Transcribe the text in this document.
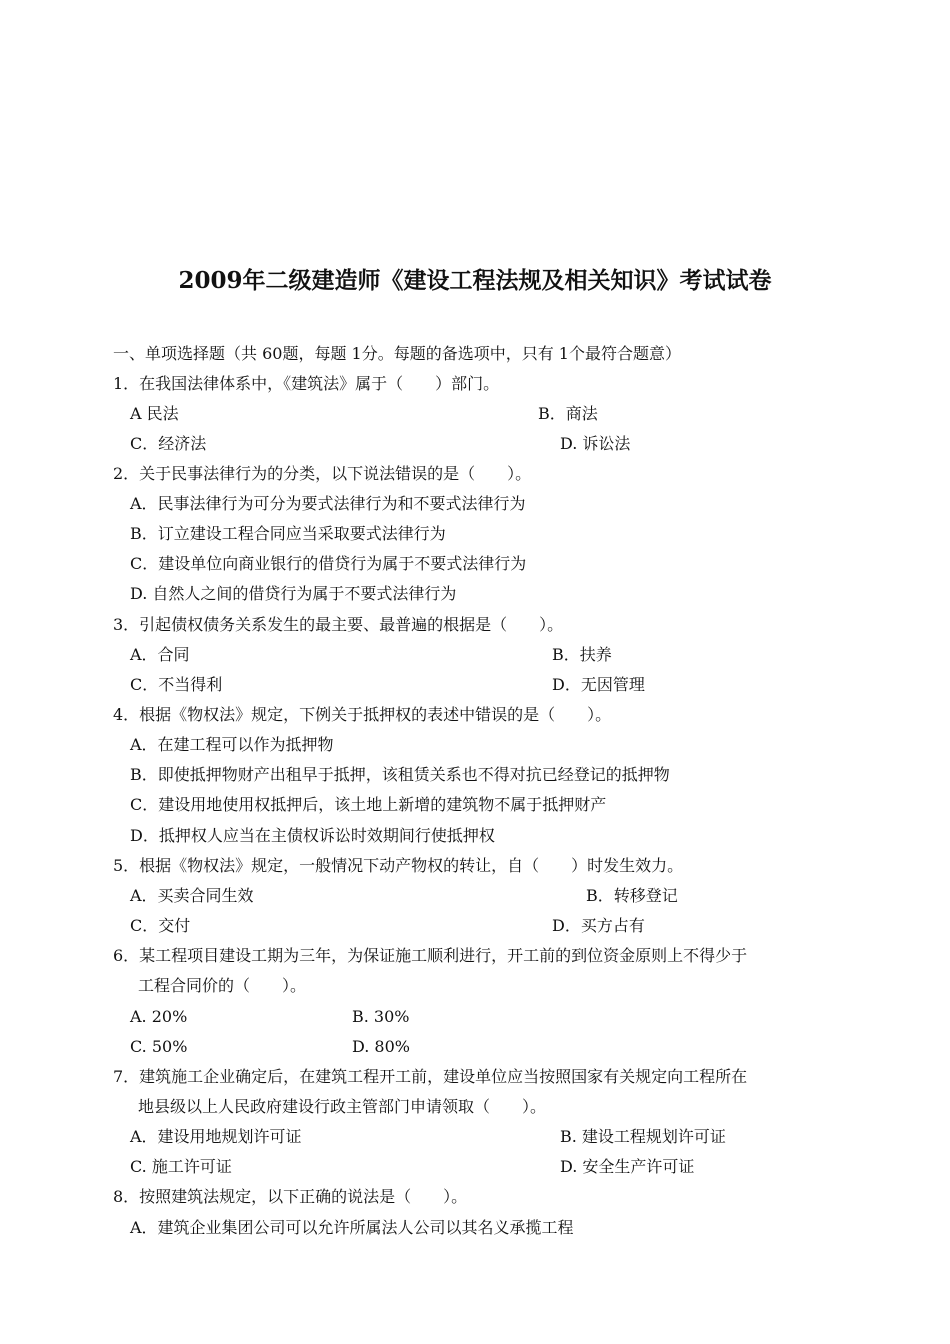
2009年二级建造师《建设工程法规及相关知识》考试试卷
一、单项选择题（共 60题，每题 1分。每题的备选项中，只有 1个最符合题意）
1．在我国法律体系中，《建筑法》属于（　　）部门。
A 民法	B．商法
C．经济法	D. 诉讼法
2．关于民事法律行为的分类，以下说法错误的是（　　）。
A．民事法律行为可分为要式法律行为和不要式法律行为
B．订立建设工程合同应当采取要式法律行为
C．建设单位向商业银行的借贷行为属于不要式法律行为
D. 自然人之间的借贷行为属于不要式法律行为
3．引起债权债务关系发生的最主要、最普遍的根据是（　　）。
A．合同	B．扶养
C．不当得利	D．无因管理
4．根据《物权法》规定，下例关于抵押权的表述中错误的是（　　）。
A．在建工程可以作为抵押物
B．即使抵押物财产出租早于抵押，该租赁关系也不得对抗已经登记的抵押物
C．建设用地使用权抵押后，该土地上新增的建筑物不属于抵押财产
D．抵押权人应当在主债权诉讼时效期间行使抵押权
5．根据《物权法》规定，一般情况下动产物权的转让，自（　　）时发生效力。
A．买卖合同生效	B．转移登记
C．交付	D．买方占有
6．某工程项目建设工期为三年，为保证施工顺利进行，开工前的到位资金原则上不得少于
工程合同价的（　　）。
A. 20%	B. 30%
C. 50%	D. 80%
7．建筑施工企业确定后，在建筑工程开工前，建设单位应当按照国家有关规定向工程所在
地县级以上人民政府建设行政主管部门申请领取（　　）。
A．建设用地规划许可证	B. 建设工程规划许可证
C. 施工许可证	D. 安全生产许可证
8．按照建筑法规定，以下正确的说法是（　　）。
A．建筑企业集团公司可以允许所属法人公司以其名义承揽工程
